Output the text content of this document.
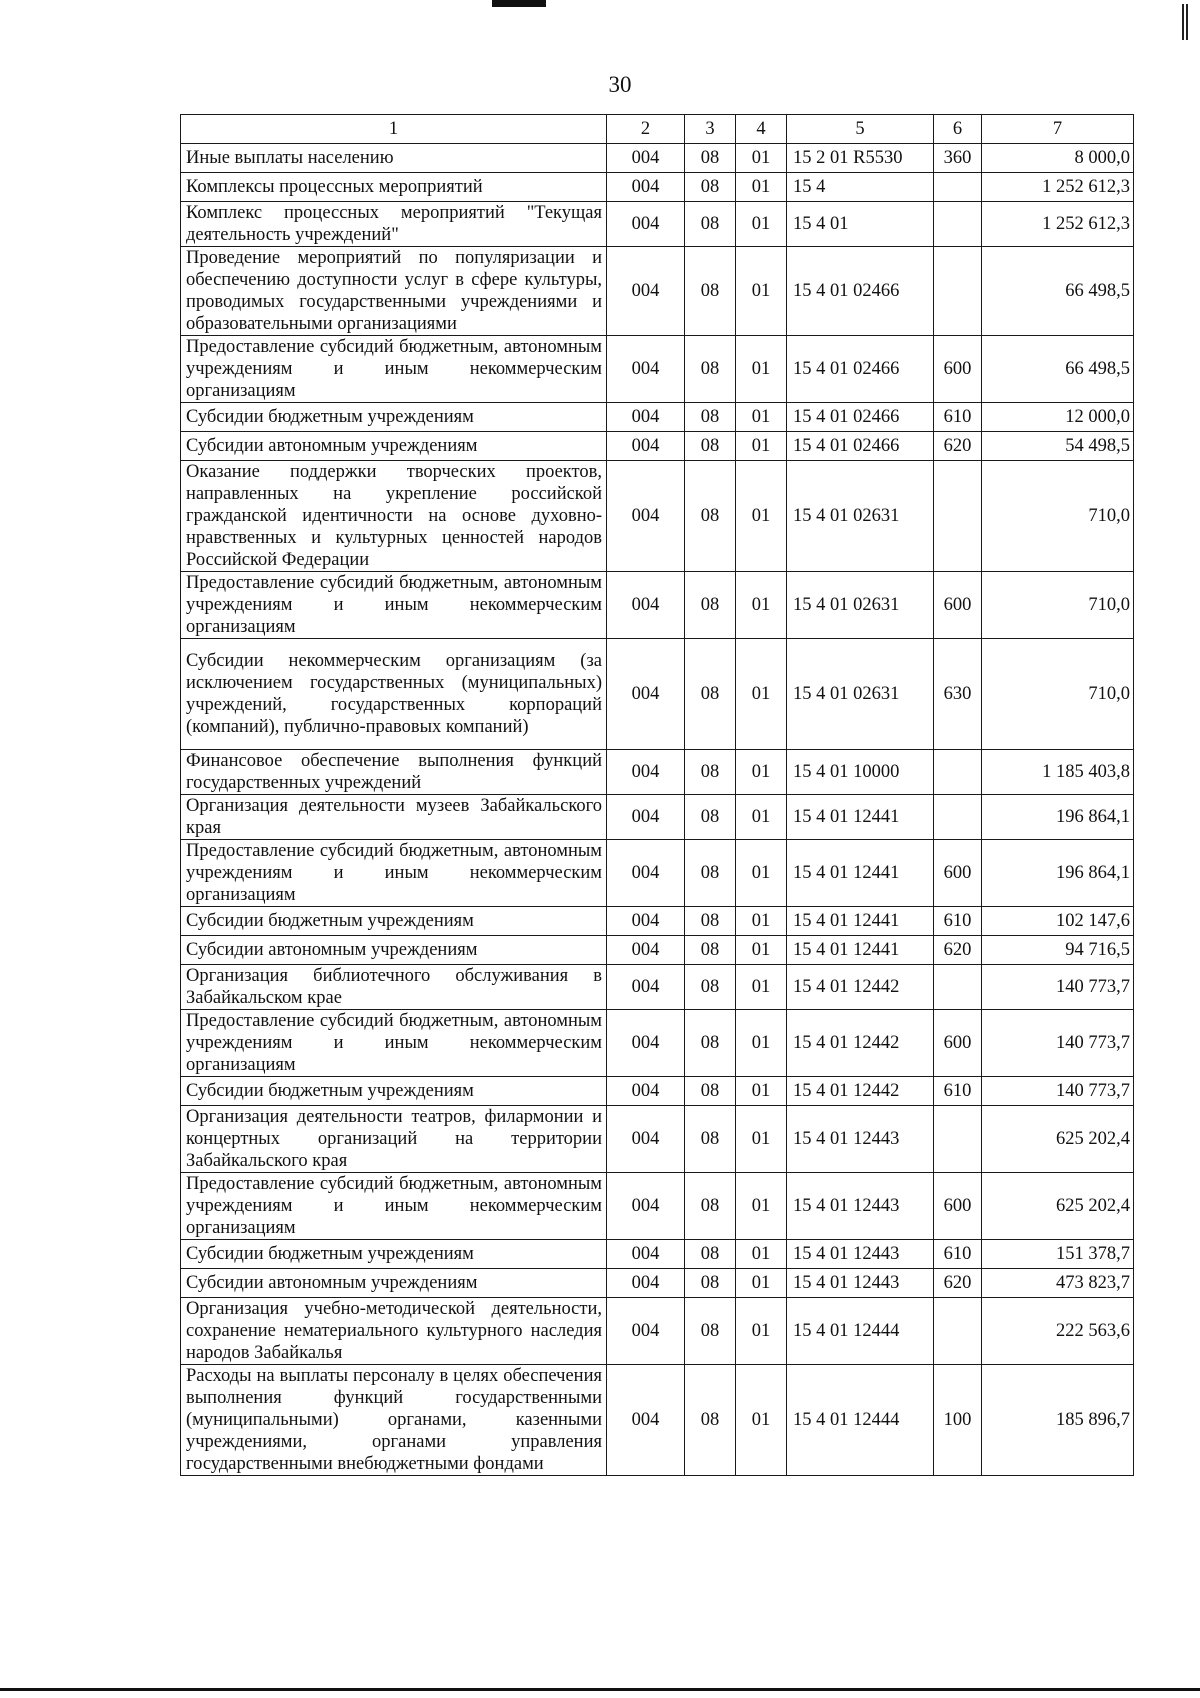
30
1	2	3	4	5	6	7
Иные выплаты населению	004	08	01	15 2 01 R5530	360	8 000,0
Комплексы процессных мероприятий	004	08	01	15 4		1 252 612,3
Комплекс процессных мероприятий "Текущая деятельность учреждений"	004	08	01	15 4 01		1 252 612,3
Проведение мероприятий по популяризации и обеспечению доступности услуг в сфере культуры, проводимых государственными учреждениями и образовательными организациями	004	08	01	15 4 01 02466		66 498,5
Предоставление субсидий бюджетным, автономным учреждениям и иным некоммерческим организациям	004	08	01	15 4 01 02466	600	66 498,5
Субсидии бюджетным учреждениям	004	08	01	15 4 01 02466	610	12 000,0
Субсидии автономным учреждениям	004	08	01	15 4 01 02466	620	54 498,5
Оказание поддержки творческих проектов, направленных на укрепление российской гражданской идентичности на основе духовно-нравственных и культурных ценностей народов Российской Федерации	004	08	01	15 4 01 02631		710,0
Предоставление субсидий бюджетным, автономным учреждениям и иным некоммерческим организациям	004	08	01	15 4 01 02631	600	710,0
Субсидии некоммерческим организациям (за исключением государственных (муниципальных) учреждений, государственных корпораций (компаний), публично-правовых компаний)	004	08	01	15 4 01 02631	630	710,0
Финансовое обеспечение выполнения функций государственных учреждений	004	08	01	15 4 01 10000		1 185 403,8
Организация деятельности музеев Забайкальского края	004	08	01	15 4 01 12441		196 864,1
Предоставление субсидий бюджетным, автономным учреждениям и иным некоммерческим организациям	004	08	01	15 4 01 12441	600	196 864,1
Субсидии бюджетным учреждениям	004	08	01	15 4 01 12441	610	102 147,6
Субсидии автономным учреждениям	004	08	01	15 4 01 12441	620	94 716,5
Организация библиотечного обслуживания в Забайкальском крае	004	08	01	15 4 01 12442		140 773,7
Предоставление субсидий бюджетным, автономным учреждениям и иным некоммерческим организациям	004	08	01	15 4 01 12442	600	140 773,7
Субсидии бюджетным учреждениям	004	08	01	15 4 01 12442	610	140 773,7
Организация деятельности театров, филармонии и концертных организаций на территории Забайкальского края	004	08	01	15 4 01 12443		625 202,4
Предоставление субсидий бюджетным, автономным учреждениям и иным некоммерческим организациям	004	08	01	15 4 01 12443	600	625 202,4
Субсидии бюджетным учреждениям	004	08	01	15 4 01 12443	610	151 378,7
Субсидии автономным учреждениям	004	08	01	15 4 01 12443	620	473 823,7
Организация учебно-методической деятельности, сохранение нематериального культурного наследия народов Забайкалья	004	08	01	15 4 01 12444		222 563,6
Расходы на выплаты персоналу в целях обеспечения выполнения функций государственными (муниципальными) органами, казенными учреждениями, органами управления государственными внебюджетными фондами	004	08	01	15 4 01 12444	100	185 896,7
